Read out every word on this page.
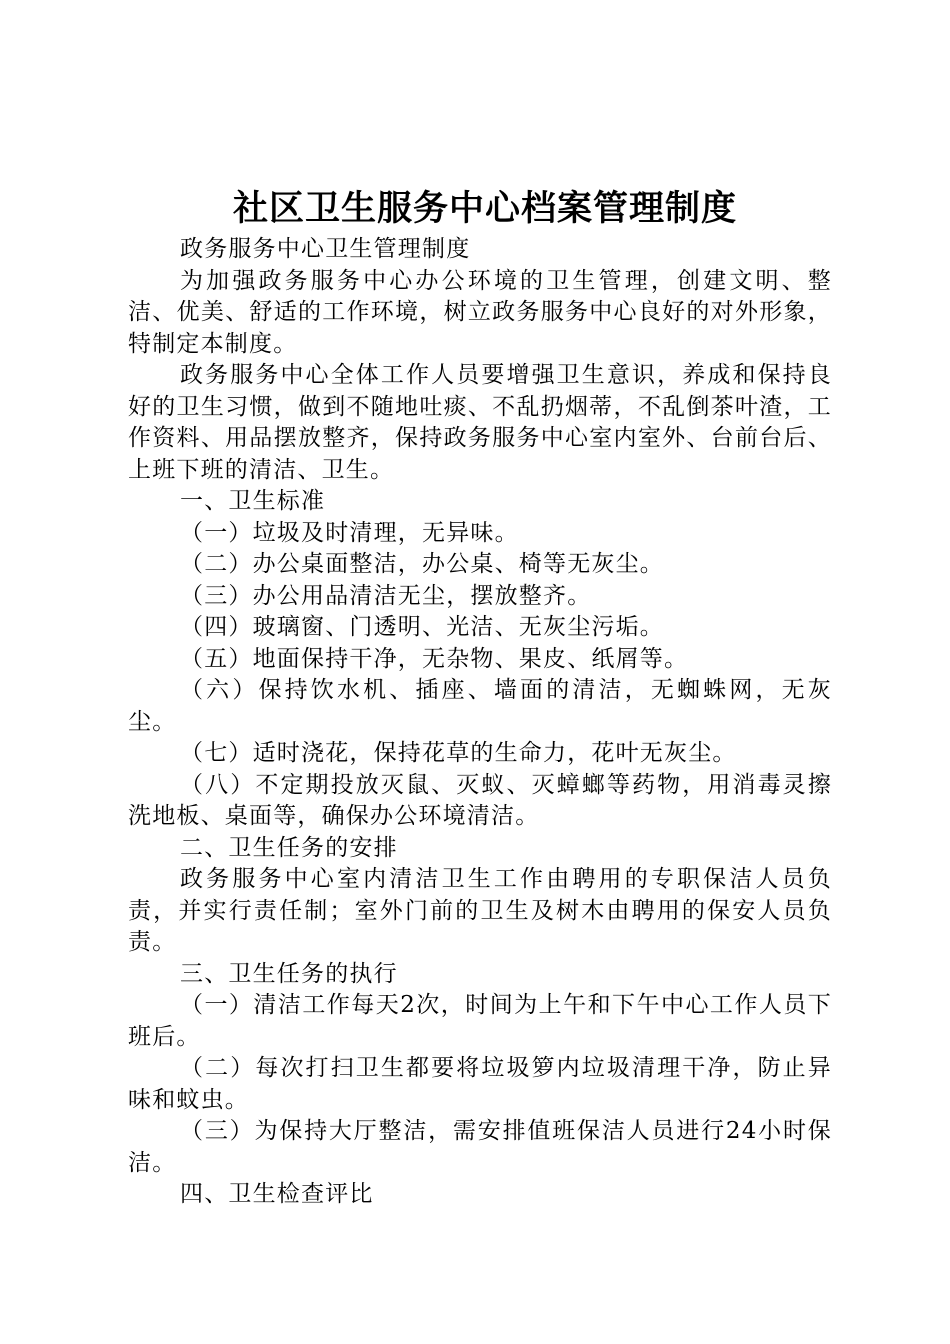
社区卫生服务中心档案管理制度

政务服务中心卫生管理制度

为加强政务服务中心办公环境的卫生管理，创建文明、整洁、优美、舒适的工作环境，树立政务服务中心良好的对外形象，特制定本制度。

政务服务中心全体工作人员要增强卫生意识，养成和保持良好的卫生习惯，做到不随地吐痰、不乱扔烟蒂，不乱倒茶叶渣，工作资料、用品摆放整齐，保持政务服务中心室内室外、台前台后、上班下班的清洁、卫生。

一、卫生标准

（一）垃圾及时清理，无异味。

（二）办公桌面整洁，办公桌、椅等无灰尘。

（三）办公用品清洁无尘，摆放整齐。

（四）玻璃窗、门透明、光洁、无灰尘污垢。

（五）地面保持干净，无杂物、果皮、纸屑等。

（六）保持饮水机、插座、墙面的清洁，无蜘蛛网，无灰尘。

（七）适时浇花，保持花草的生命力，花叶无灰尘。

（八）不定期投放灭鼠、灭蚁、灭蟑螂等药物，用消毒灵擦洗地板、桌面等，确保办公环境清洁。

二、卫生任务的安排

政务服务中心室内清洁卫生工作由聘用的专职保洁人员负责，并实行责任制；室外门前的卫生及树木由聘用的保安人员负责。

三、卫生任务的执行

（一）清洁工作每天2次，时间为上午和下午中心工作人员下班后。

（二）每次打扫卫生都要将垃圾箩内垃圾清理干净，防止异味和蚊虫。

（三）为保持大厅整洁，需安排值班保洁人员进行24小时保洁。

四、卫生检查评比
